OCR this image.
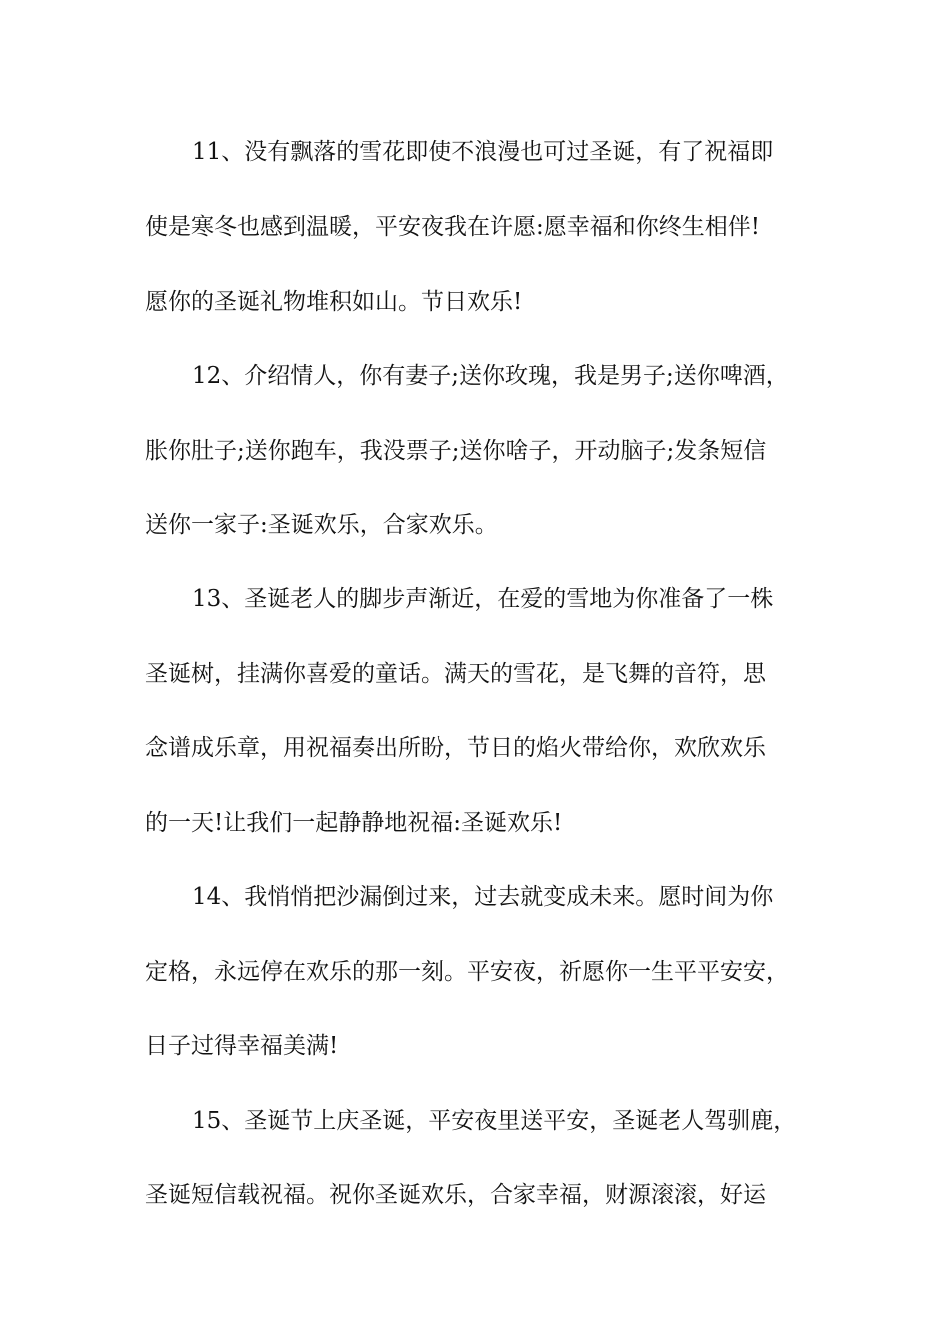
11、没有飘落的雪花即使不浪漫也可过圣诞，有了祝福即
使是寒冬也感到温暖，平安夜我在许愿:愿幸福和你终生相伴!
愿你的圣诞礼物堆积如山。节日欢乐!
12、介绍情人，你有妻子;送你玫瑰，我是男子;送你啤酒，
胀你肚子;送你跑车，我没票子;送你啥子，开动脑子;发条短信
送你一家子:圣诞欢乐，合家欢乐。
13、圣诞老人的脚步声渐近，在爱的雪地为你准备了一株
圣诞树，挂满你喜爱的童话。满天的雪花，是飞舞的音符，思
念谱成乐章，用祝福奏出所盼，节日的焰火带给你，欢欣欢乐
的一天!让我们一起静静地祝福:圣诞欢乐!
14、我悄悄把沙漏倒过来，过去就变成未来。愿时间为你
定格，永远停在欢乐的那一刻。平安夜，祈愿你一生平平安安，
日子过得幸福美满!
15、圣诞节上庆圣诞，平安夜里送平安，圣诞老人驾驯鹿，
圣诞短信载祝福。祝你圣诞欢乐，合家幸福，财源滚滚，好运
